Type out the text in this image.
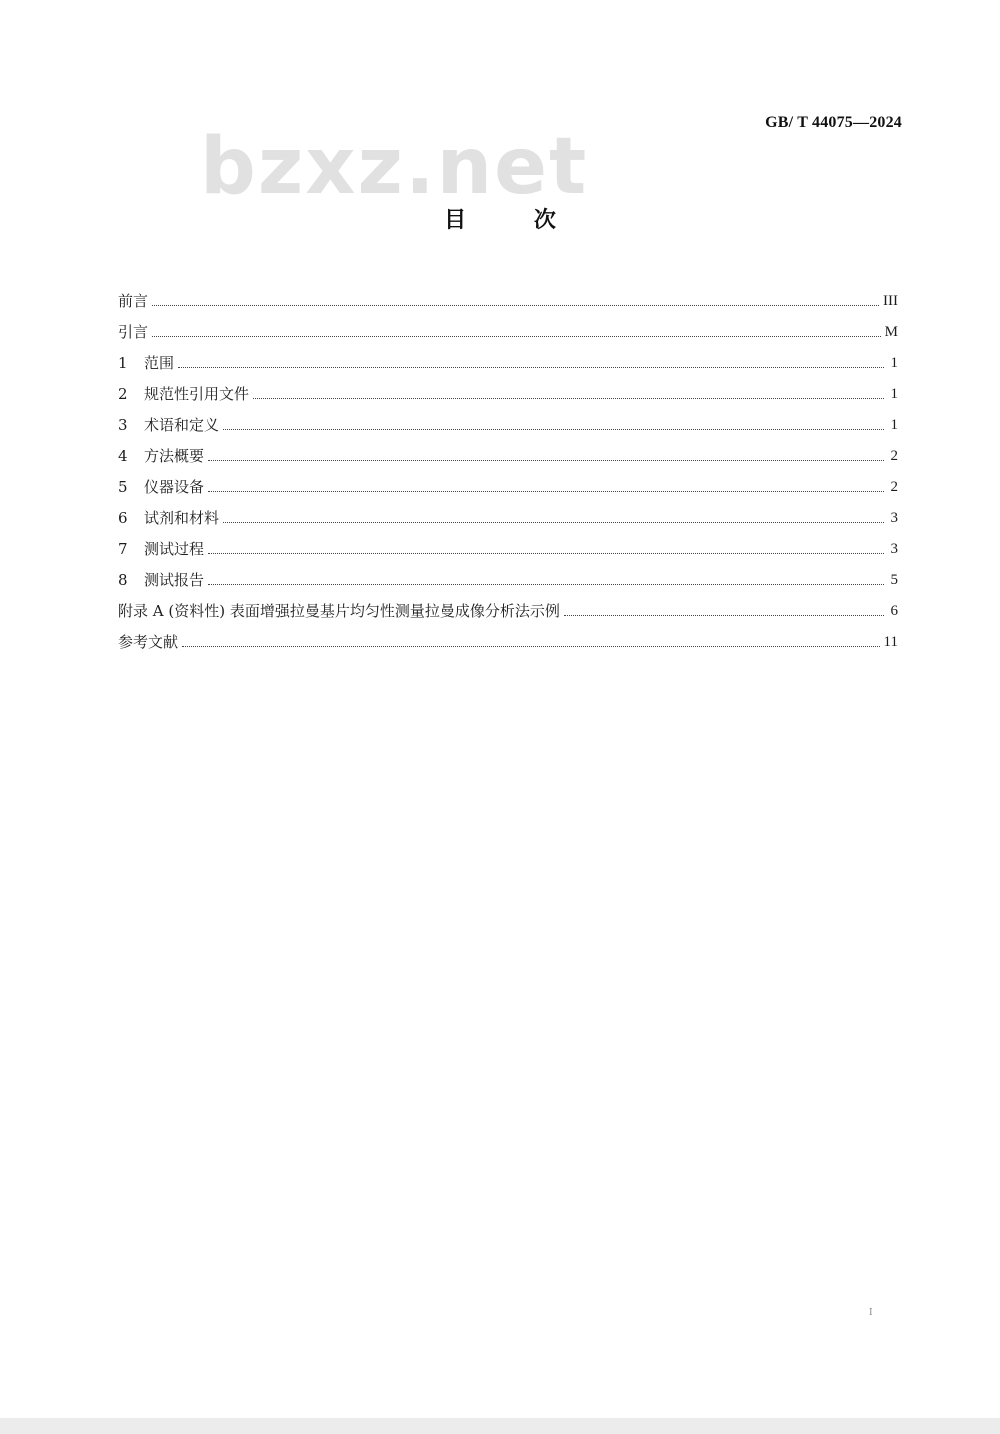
bzxz.net	GB/ T 44075—2024
目 次
前言	III
引言	M
1	范围	1
2	规范性引用文件	1
3	术语和定义	1
4	方法概要	2
5	仪器设备	2
6	试剂和材料	3
7	测试过程	3
8	测试报告	5
附录 A (资料性) 表面增强拉曼基片均匀性测量拉曼成像分析法示例	6
参考文献	11
I
